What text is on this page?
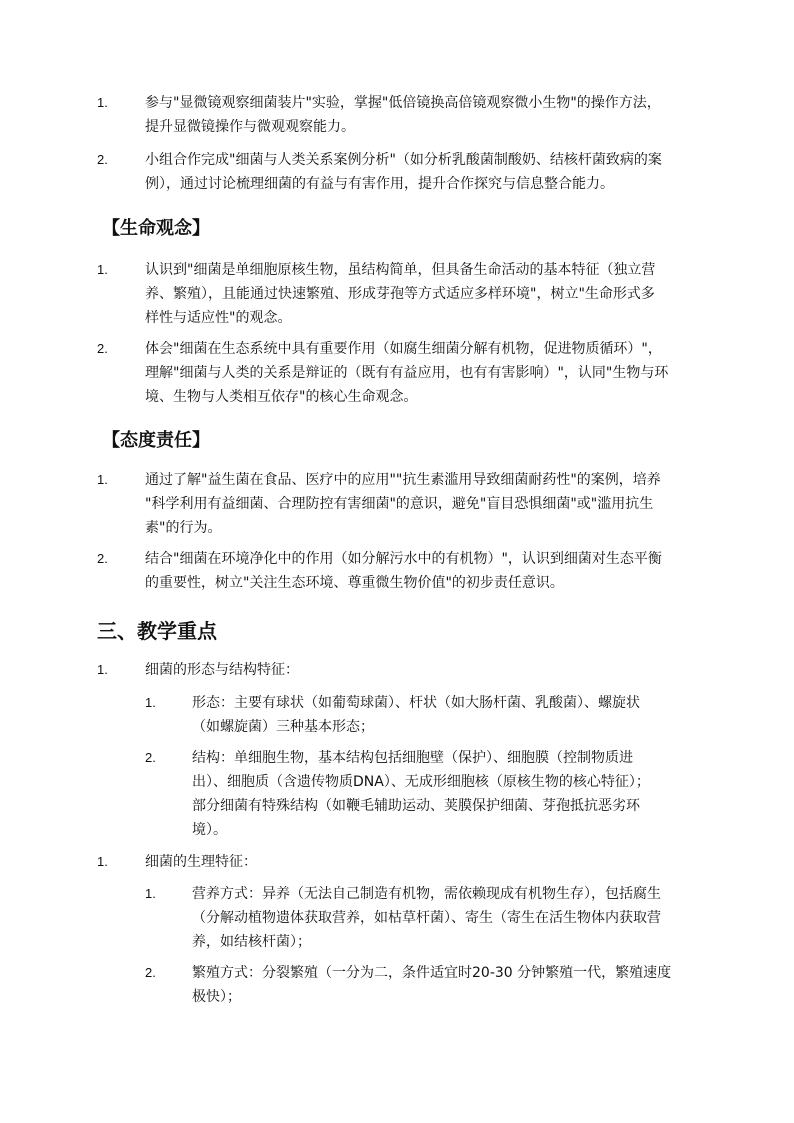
1.	参与"显微镜观察细菌装片"实验，掌握"低倍镜换高倍镜观察微小生物"的操作方法，
提升显微镜操作与微观观察能力。
2.	小组合作完成"细菌与人类关系案例分析"（如分析乳酸菌制酸奶、结核杆菌致病的案
例），通过讨论梳理细菌的有益与有害作用，提升合作探究与信息整合能力。
【生命观念】
1.	认识到"细菌是单细胞原核生物，虽结构简单，但具备生命活动的基本特征（独立营
养、繁殖），且能通过快速繁殖、形成芽孢等方式适应多样环境"，树立"生命形式多
样性与适应性"的观念。
2.	体会"细菌在生态系统中具有重要作用（如腐生细菌分解有机物，促进物质循环）"，
理解"细菌与人类的关系是辩证的（既有有益应用，也有有害影响）"，认同"生物与环
境、生物与人类相互依存"的核心生命观念。
【态度责任】
1.	通过了解"益生菌在食品、医疗中的应用""抗生素滥用导致细菌耐药性"的案例，培养
"科学利用有益细菌、合理防控有害细菌"的意识，避免"盲目恐惧细菌"或"滥用抗生
素"的行为。
2.	结合"细菌在环境净化中的作用（如分解污水中的有机物）"，认识到细菌对生态平衡
的重要性，树立"关注生态环境、尊重微生物价值"的初步责任意识。
三、教学重点
1.	细菌的形态与结构特征：
1.	形态：主要有球状（如葡萄球菌）、杆状（如大肠杆菌、乳酸菌）、螺旋状
（如螺旋菌）三种基本形态；
2.	结构：单细胞生物，基本结构包括细胞壁（保护）、细胞膜（控制物质进
出）、细胞质（含遗传物质DNA）、无成形细胞核（原核生物的核心特征）；
部分细菌有特殊结构（如鞭毛辅助运动、荚膜保护细菌、芽孢抵抗恶劣环
境）。
1.	细菌的生理特征：
1.	营养方式：异养（无法自己制造有机物，需依赖现成有机物生存），包括腐生
（分解动植物遗体获取营养，如枯草杆菌）、寄生（寄生在活生物体内获取营
养，如结核杆菌）；
2.	繁殖方式：分裂繁殖（一分为二，条件适宜时20-30 分钟繁殖一代，繁殖速度
极快）；
